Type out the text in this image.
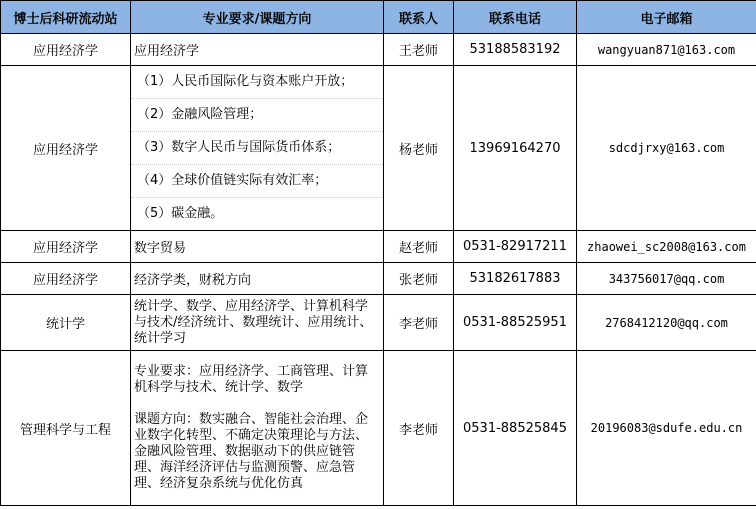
博士后科研流动站	专业要求/课题方向	联系人	联系电话	电子邮箱
应用经济学	应用经济学	王老师	53188583192	wangyuan871@163.com
应用经济学	（1）人民币国际化与资本账户开放；
（2）金融风险管理；
（3）数字人民币与国际货币体系；
（4）全球价值链实际有效汇率；
（5）碳金融。	杨老师	13969164270	sdcdjrxy@163.com
应用经济学	数字贸易	赵老师	0531-82917211	zhaowei_sc2008@163.com
应用经济学	经济学类，财税方向	张老师	53182617883	343756017@qq.com
统计学	统计学、数学、应用经济学、计算机科学与技术/经济统计、数理统计、应用统计、统计学习	李老师	0531-88525951	2768412120@qq.com
管理科学与工程	专业要求：应用经济学、工商管理、计算机科学与技术、统计学、数学
课题方向：数实融合、智能社会治理、企业数字化转型、不确定决策理论与方法、金融风险管理、数据驱动下的供应链管理、海洋经济评估与监测预警、应急管理、经济复杂系统与优化仿真	李老师	0531-88525845	20196083@sdufe.edu.cn
